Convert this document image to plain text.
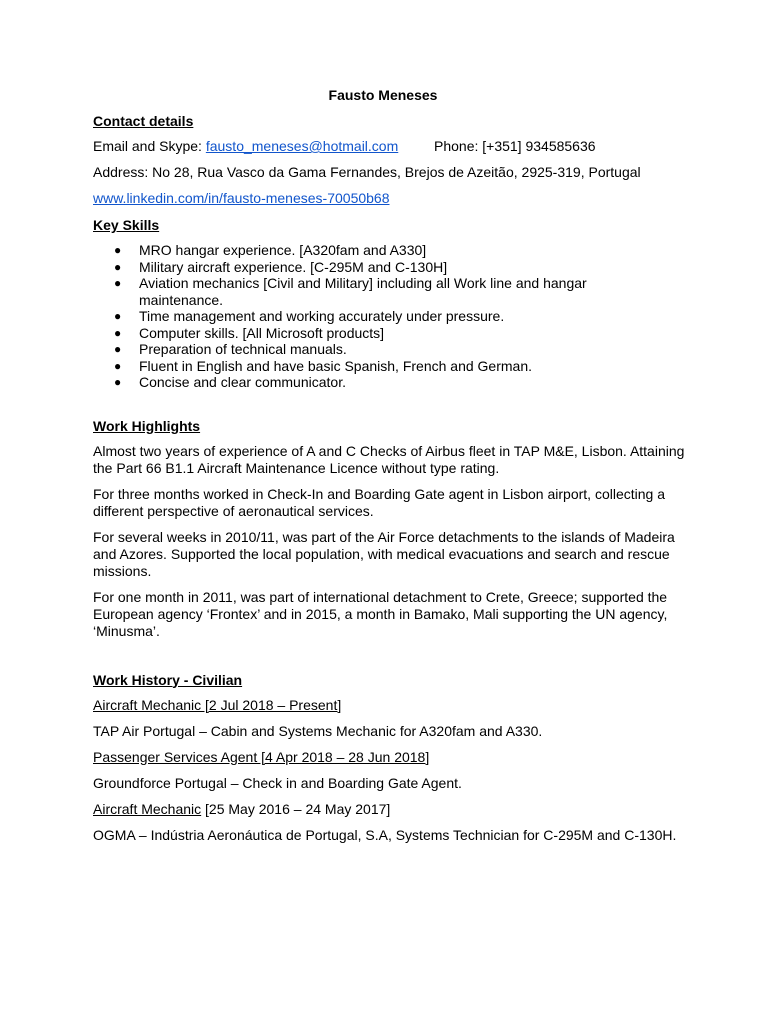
Fausto Meneses
Contact details
Email and Skype: fausto_meneses@hotmail.com	Phone: [+351] 934585636
Address: No 28, Rua Vasco da Gama Fernandes, Brejos de Azeitão, 2925-319, Portugal
www.linkedin.com/in/fausto-meneses-70050b68
Key Skills
● MRO hangar experience. [A320fam and A330]
● Military aircraft experience. [C-295M and C-130H]
● Aviation mechanics [Civil and Military] including all Work line and hangar maintenance.
● Time management and working accurately under pressure.
● Computer skills. [All Microsoft products]
● Preparation of technical manuals.
● Fluent in English and have basic Spanish, French and German.
● Concise and clear communicator.
Work Highlights
Almost two years of experience of A and C Checks of Airbus fleet in TAP M&E, Lisbon. Attaining the Part 66 B1.1 Aircraft Maintenance Licence without type rating.
For three months worked in Check-In and Boarding Gate agent in Lisbon airport, collecting a different perspective of aeronautical services.
For several weeks in 2010/11, was part of the Air Force detachments to the islands of Madeira and Azores. Supported the local population, with medical evacuations and search and rescue missions.
For one month in 2011, was part of international detachment to Crete, Greece; supported the European agency ‘Frontex’ and in 2015, a month in Bamako, Mali supporting the UN agency, ‘Minusma’.
Work History - Civilian
Aircraft Mechanic [2 Jul 2018 – Present]
TAP Air Portugal – Cabin and Systems Mechanic for A320fam and A330.
Passenger Services Agent [4 Apr 2018 – 28 Jun 2018]
Groundforce Portugal – Check in and Boarding Gate Agent.
Aircraft Mechanic [25 May 2016 – 24 May 2017]
OGMA – Indústria Aeronáutica de Portugal, S.A, Systems Technician for C-295M and C-130H.
